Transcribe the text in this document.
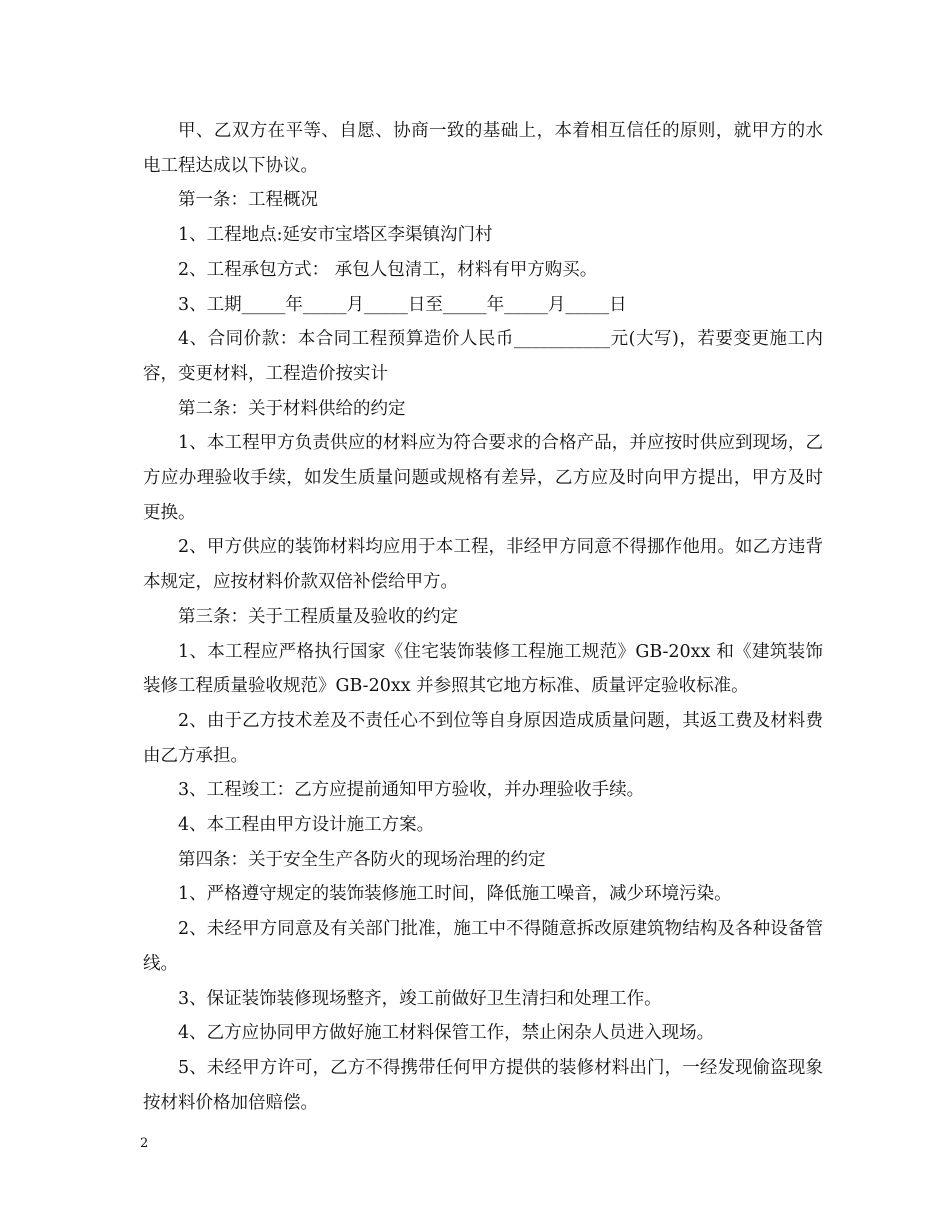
甲、乙双方在平等、自愿、协商一致的基础上，本着相互信任的原则，就甲方的水电工程达成以下协议。

第一条：工程概况

1、工程地点:延安市宝塔区李渠镇沟门村

2、工程承包方式： 承包人包清工，材料有甲方购买。

3、工期_____年_____月_____日至_____年_____月_____日

4、合同价款：本合同工程预算造价人民币___________元(大写)，若要变更施工内容，变更材料，工程造价按实计

第二条：关于材料供给的约定

1、本工程甲方负责供应的材料应为符合要求的合格产品，并应按时供应到现场，乙方应办理验收手续，如发生质量问题或规格有差异，乙方应及时向甲方提出，甲方及时更换。

2、甲方供应的装饰材料均应用于本工程，非经甲方同意不得挪作他用。如乙方违背本规定，应按材料价款双倍补偿给甲方。

第三条：关于工程质量及验收的约定

1、本工程应严格执行国家《住宅装饰装修工程施工规范》GB-20xx 和《建筑装饰装修工程质量验收规范》GB-20xx 并参照其它地方标准、质量评定验收标准。

2、由于乙方技术差及不责任心不到位等自身原因造成质量问题，其返工费及材料费由乙方承担。

3、工程竣工：乙方应提前通知甲方验收，并办理验收手续。

4、本工程由甲方设计施工方案。

第四条：关于安全生产各防火的现场治理的约定

1、严格遵守规定的装饰装修施工时间，降低施工噪音，减少环境污染。

2、未经甲方同意及有关部门批准，施工中不得随意拆改原建筑物结构及各种设备管线。

3、保证装饰装修现场整齐，竣工前做好卫生清扫和处理工作。

4、乙方应协同甲方做好施工材料保管工作，禁止闲杂人员进入现场。

5、未经甲方许可，乙方不得携带任何甲方提供的装修材料出门，一经发现偷盗现象按材料价格加倍赔偿。

2
